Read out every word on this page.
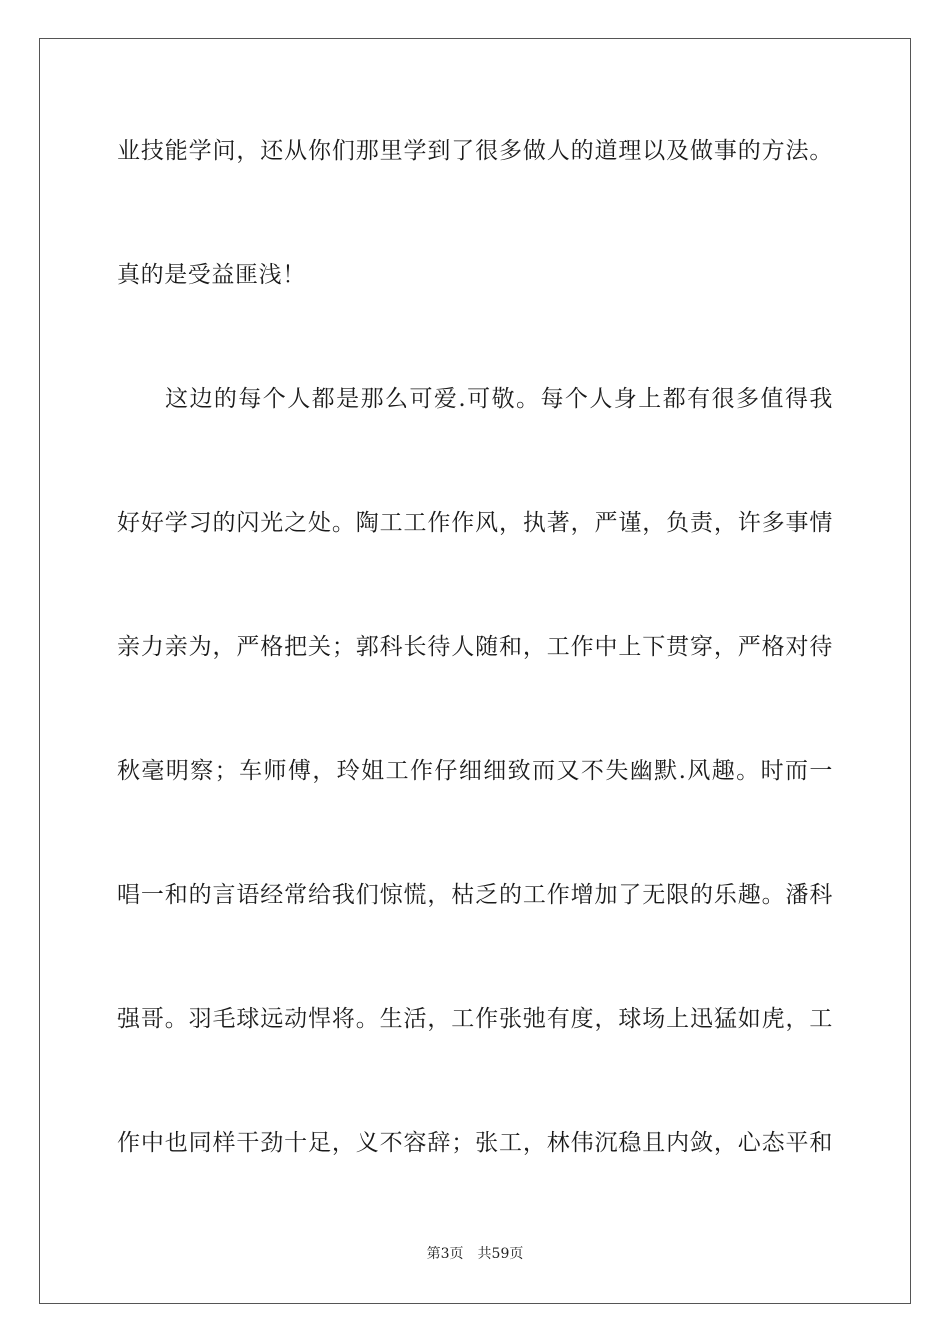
业技能学问，还从你们那里学到了很多做人的道理以及做事的方法。
真的是受益匪浅！
这边的每个人都是那么可爱.可敬。每个人身上都有很多值得我
好好学习的闪光之处。陶工工作作风，执著，严谨，负责，许多事情
亲力亲为，严格把关；郭科长待人随和，工作中上下贯穿，严格对待
秋毫明察；车师傅，玲姐工作仔细细致而又不失幽默.风趣。时而一
唱一和的言语经常给我们惊慌，枯乏的工作增加了无限的乐趣。潘科
强哥。羽毛球远动悍将。生活，工作张弛有度，球场上迅猛如虎，工
作中也同样干劲十足，义不容辞；张工，林伟沉稳且内敛，心态平和
第3页 共59页
